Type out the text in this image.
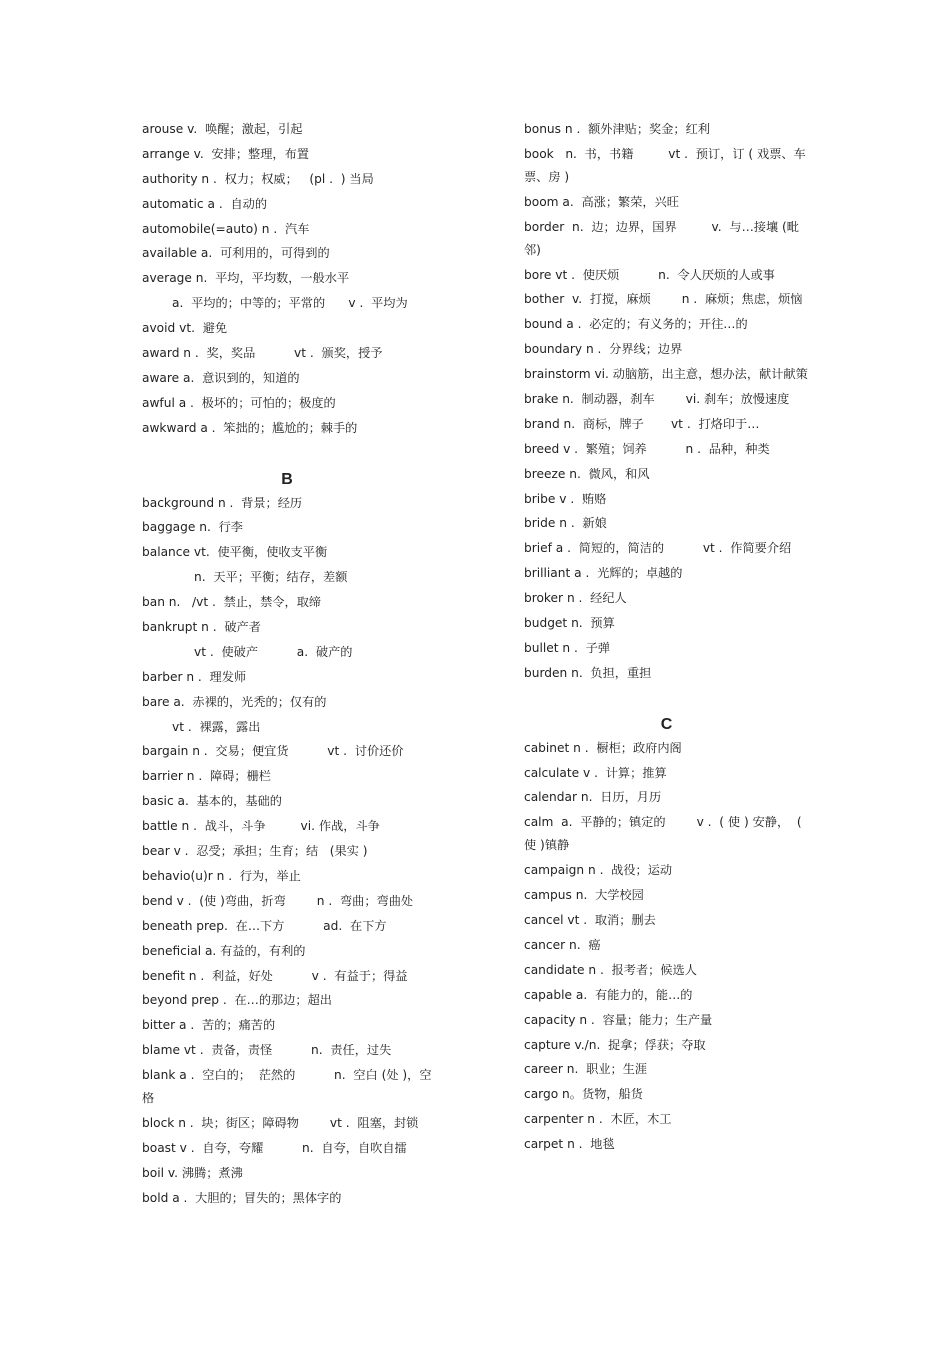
arouse v.  唤醒；激起，引起
arrange v.  安排；整理，布置
authority n .  权力；权威；   (pl .  ) 当局
automatic a .  自动的
automobile(=auto) n .  汽车
available a.  可利用的，可得到的
average n.  平均，平均数，一般水平
a.  平均的；中等的；平常的      v .  平均为
avoid vt.  避免
award n .  奖，奖品          vt .  颁奖，授予
aware a.  意识到的，知道的
awful a .  极坏的；可怕的；极度的
awkward a .  笨拙的；尴尬的；棘手的
B
background n .  背景；经历
baggage n.  行李
balance vt.  使平衡，使收支平衡
n.  天平；平衡；结存，差额
ban n.   /vt .  禁止，禁令，取缔
bankrupt n .  破产者
vt .  使破产          a.  破产的
barber n .  理发师
bare a.  赤裸的，光秃的；仅有的
vt .  裸露，露出
bargain n .  交易；便宜货          vt .  讨价还价
barrier n .  障碍；栅栏
basic a.  基本的，基础的
battle n .  战斗，斗争         vi. 作战，斗争
bear v .  忍受；承担；生育；结   (果实 )
behavio(u)r n .  行为，举止
bend v .  (使 )弯曲，折弯        n .  弯曲；弯曲处
beneath prep.  在…下方          ad.  在下方
beneficial a. 有益的，有利的
benefit n .  利益，好处          v .  有益于；得益
beyond prep .  在…的那边；超出
bitter a .  苦的；痛苦的
blame vt .  责备，责怪          n.  责任，过失
blank a .  空白的；  茫然的          n.  空白 (处 )，空格
block n .  块；街区；障碍物        vt .  阻塞，封锁
boast v .  自夸，夸耀          n.  自夸，自吹自擂
boil v. 沸腾；煮沸
bold a .  大胆的；冒失的；黑体字的
bonus n .  额外津贴；奖金；红利
book   n.  书，书籍         vt .  预订，订 ( 戏票、车票、房 )
boom a.  高涨；繁荣，兴旺
border  n.  边；边界，国界         v.  与…接壤 (毗邻)
bore vt .  使厌烦          n.  令人厌烦的人或事
bother  v.  打搅，麻烦        n .  麻烦；焦虑，烦恼
bound a .  必定的；有义务的；开往…的
boundary n .  分界线；边界
brainstorm vi. 动脑筋，出主意，想办法，献计献策
brake n.  制动器，刹车        vi. 刹车；放慢速度
brand n.  商标，牌子       vt .  打烙印于…
breed v .  繁殖；饲养          n .  品种，种类
breeze n.  微风，和风
bribe v .  贿赂
bride n .  新娘
brief a .  简短的，简洁的          vt .  作简要介绍
brilliant a .  光辉的；卓越的
broker n .  经纪人
budget n.  预算
bullet n .  子弹
burden n.  负担，重担
C
cabinet n .  橱柜；政府内阁
calculate v .  计算；推算
calendar n.  日历，月历
calm  a.  平静的；镇定的        v .  ( 使 ) 安静，  ( 使 )镇静
campaign n .  战役；运动
campus n.  大学校园
cancel vt .  取消；删去
cancer n.  癌
candidate n .  报考者；候选人
capable a.  有能力的，能…的
capacity n .  容量；能力；生产量
capture v./n.  捉拿；俘获；夺取
career n.  职业；生涯
cargo n。货物，船货
carpenter n .  木匠，木工
carpet n .  地毯
